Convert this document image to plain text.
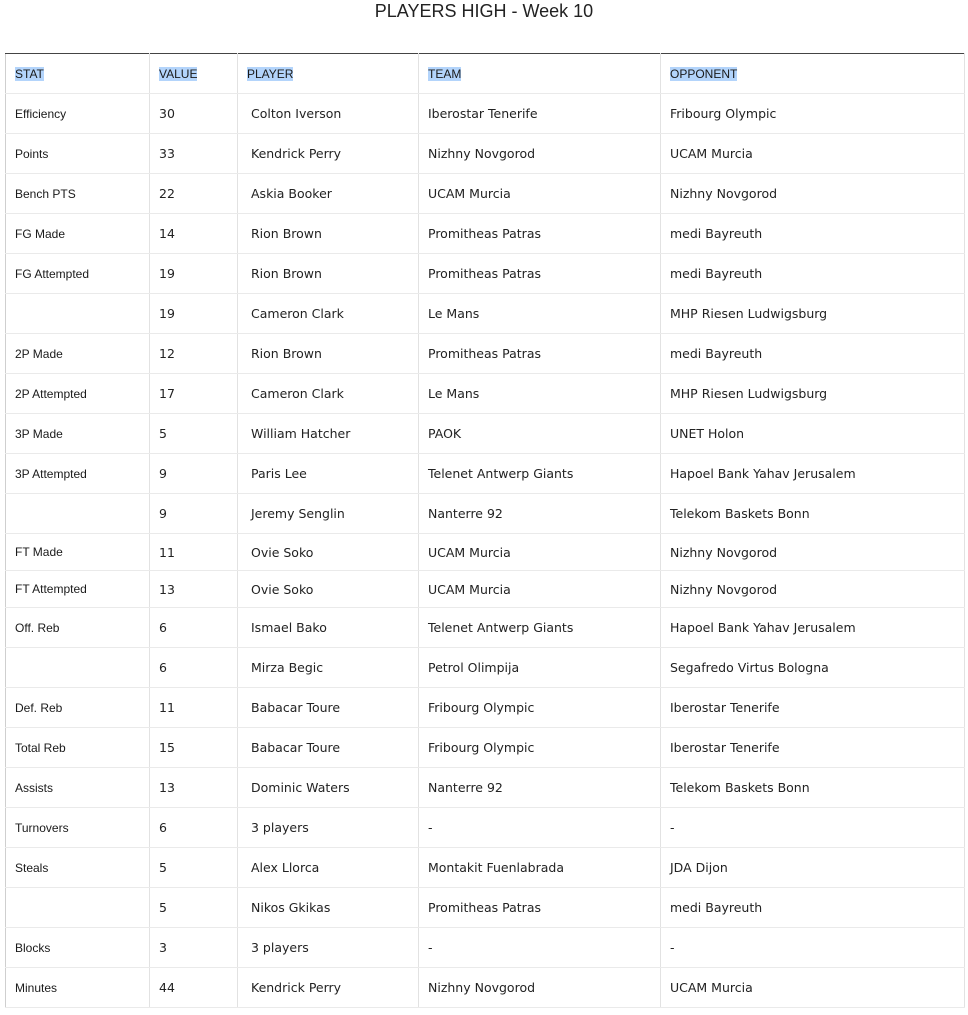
PLAYERS HIGH - Week 10
STAT	VALUE	PLAYER	TEAM	OPPONENT
Efficiency	30	Colton Iverson	Iberostar Tenerife	Fribourg Olympic
Points	33	Kendrick Perry	Nizhny Novgorod	UCAM Murcia
Bench PTS	22	Askia Booker	UCAM Murcia	Nizhny Novgorod
FG Made	14	Rion Brown	Promitheas Patras	medi Bayreuth
FG Attempted	19	Rion Brown	Promitheas Patras	medi Bayreuth
	19	Cameron Clark	Le Mans	MHP Riesen Ludwigsburg
2P Made	12	Rion Brown	Promitheas Patras	medi Bayreuth
2P Attempted	17	Cameron Clark	Le Mans	MHP Riesen Ludwigsburg
3P Made	5	William Hatcher	PAOK	UNET Holon
3P Attempted	9	Paris Lee	Telenet Antwerp Giants	Hapoel Bank Yahav Jerusalem
	9	Jeremy Senglin	Nanterre 92	Telekom Baskets Bonn
FT Made	11	Ovie Soko	UCAM Murcia	Nizhny Novgorod
FT Attempted	13	Ovie Soko	UCAM Murcia	Nizhny Novgorod
Off. Reb	6	Ismael Bako	Telenet Antwerp Giants	Hapoel Bank Yahav Jerusalem
	6	Mirza Begic	Petrol Olimpija	Segafredo Virtus Bologna
Def. Reb	11	Babacar Toure	Fribourg Olympic	Iberostar Tenerife
Total Reb	15	Babacar Toure	Fribourg Olympic	Iberostar Tenerife
Assists	13	Dominic Waters	Nanterre 92	Telekom Baskets Bonn
Turnovers	6	3 players	-	-
Steals	5	Alex Llorca	Montakit Fuenlabrada	JDA Dijon
	5	Nikos Gkikas	Promitheas Patras	medi Bayreuth
Blocks	3	3 players	-	-
Minutes	44	Kendrick Perry	Nizhny Novgorod	UCAM Murcia
